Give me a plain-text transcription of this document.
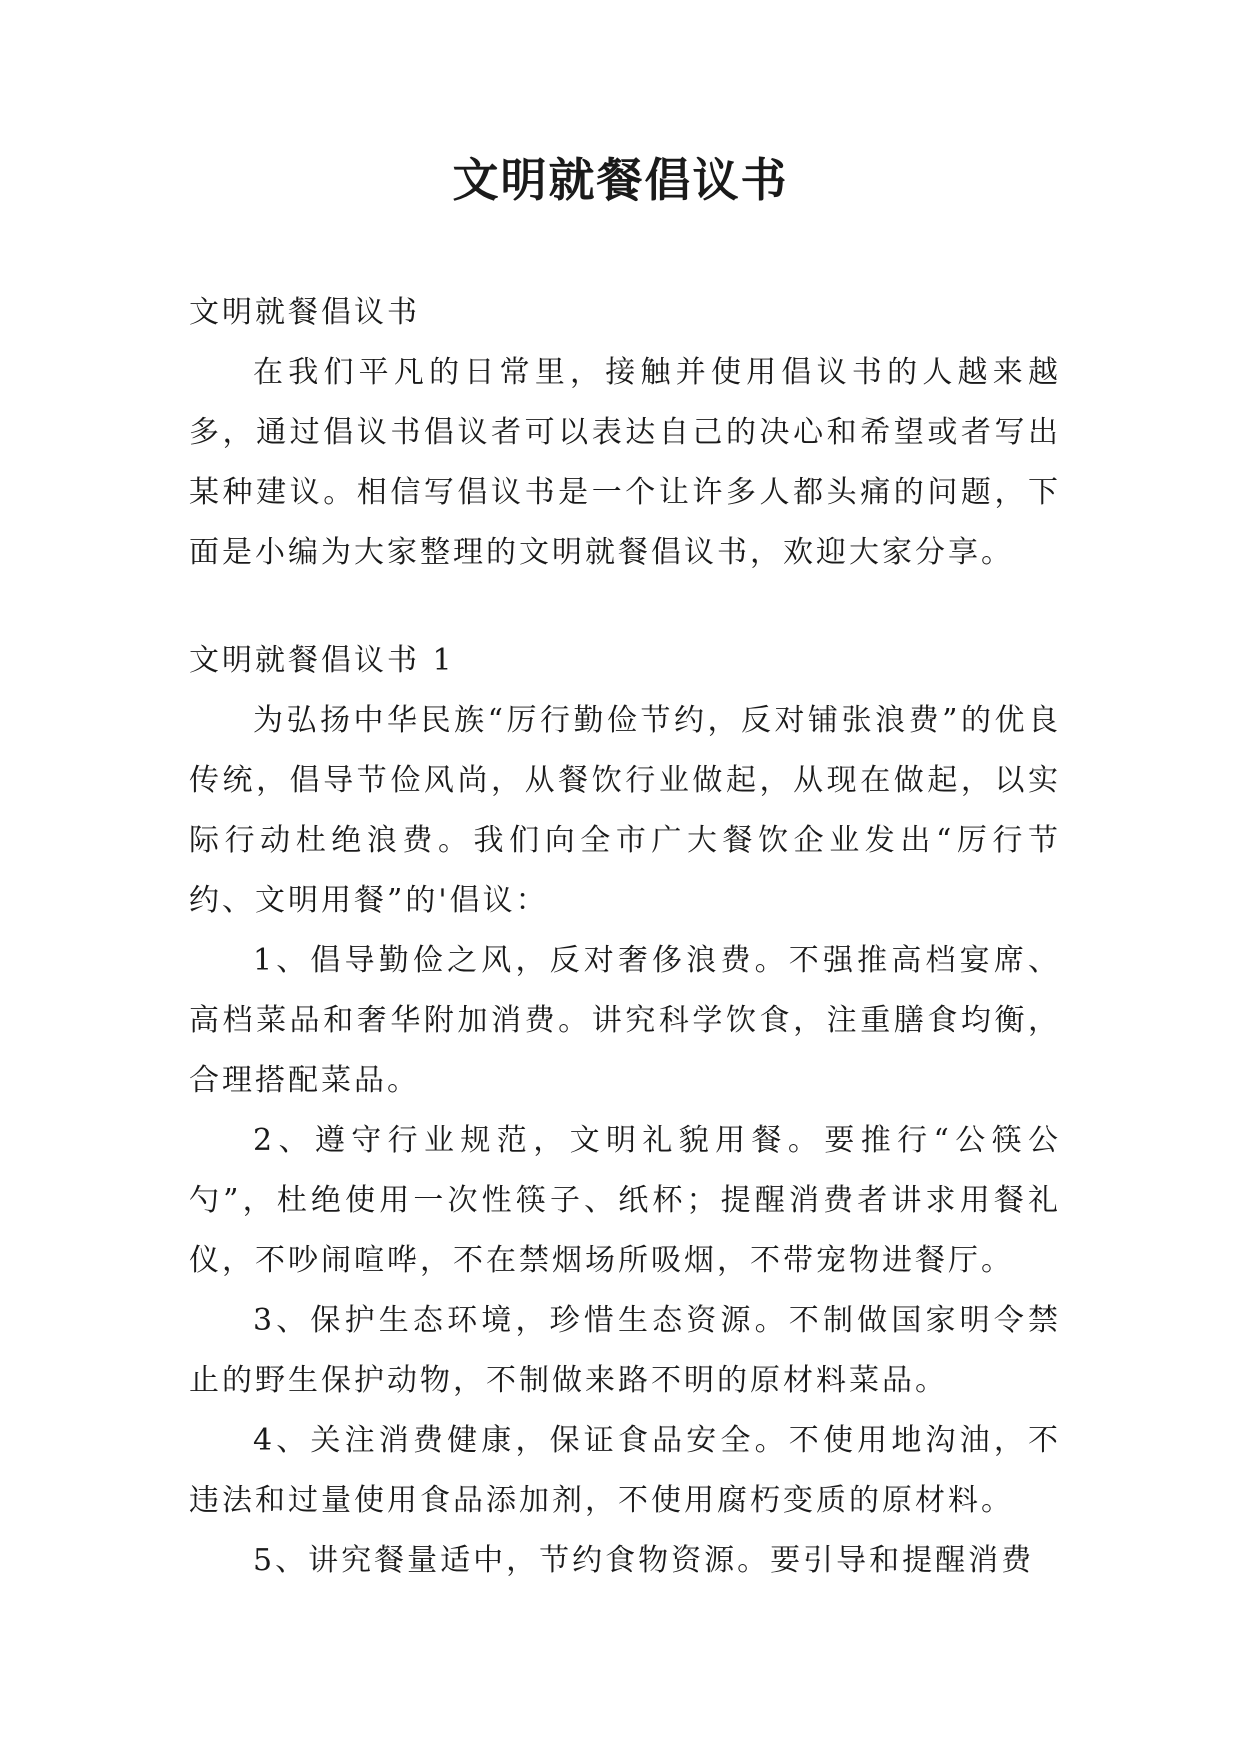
文明就餐倡议书

文明就餐倡议书

在我们平凡的日常里，接触并使用倡议书的人越来越多，通过倡议书倡议者可以表达自己的决心和希望或者写出某种建议。相信写倡议书是一个让许多人都头痛的问题，下面是小编为大家整理的文明就餐倡议书，欢迎大家分享。

文明就餐倡议书 1

为弘扬中华民族“厉行勤俭节约，反对铺张浪费”的优良传统，倡导节俭风尚，从餐饮行业做起，从现在做起，以实际行动杜绝浪费。我们向全市广大餐饮企业发出“厉行节约、文明用餐”的'倡议：

1、倡导勤俭之风，反对奢侈浪费。不强推高档宴席、高档菜品和奢华附加消费。讲究科学饮食，注重膳食均衡，合理搭配菜品。

2、遵守行业规范，文明礼貌用餐。要推行“公筷公勺”，杜绝使用一次性筷子、纸杯；提醒消费者讲求用餐礼仪，不吵闹喧哗，不在禁烟场所吸烟，不带宠物进餐厅。

3、保护生态环境，珍惜生态资源。不制做国家明令禁止的野生保护动物，不制做来路不明的原材料菜品。

4、关注消费健康，保证食品安全。不使用地沟油，不违法和过量使用食品添加剂，不使用腐朽变质的原材料。

5、讲究餐量适中，节约食物资源。要引导和提醒消费
